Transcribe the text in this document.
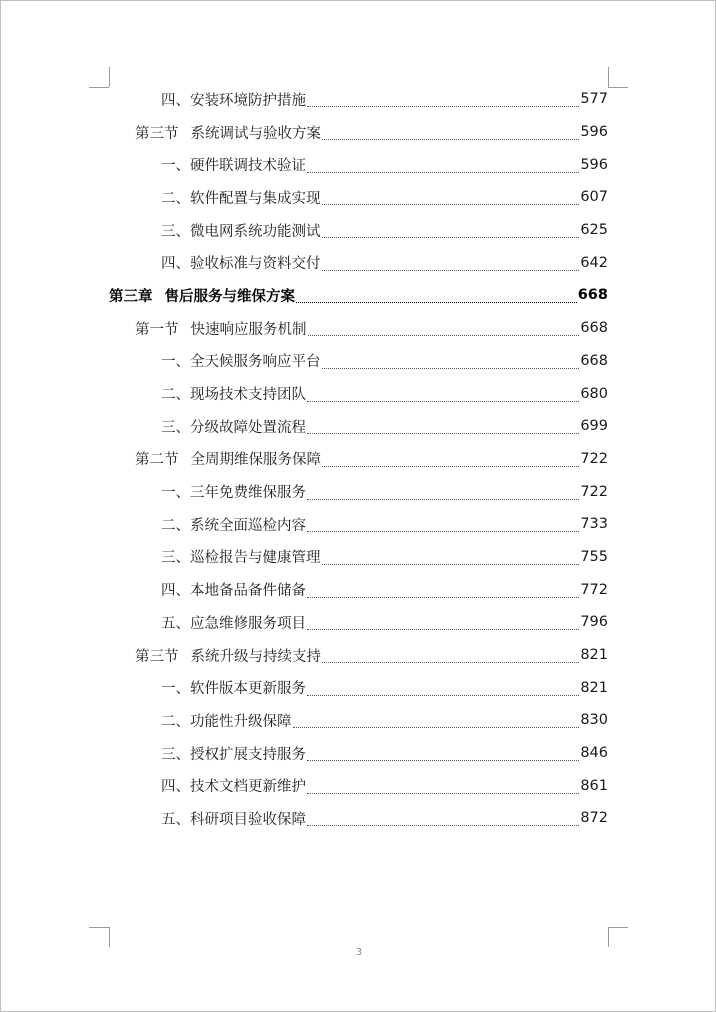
四、安装环境防护措施	577
第三节 系统调试与验收方案	596
一、硬件联调技术验证	596
二、软件配置与集成实现	607
三、微电网系统功能测试	625
四、验收标准与资料交付	642
第三章 售后服务与维保方案	668
第一节 快速响应服务机制	668
一、全天候服务响应平台	668
二、现场技术支持团队	680
三、分级故障处置流程	699
第二节 全周期维保服务保障	722
一、三年免费维保服务	722
二、系统全面巡检内容	733
三、巡检报告与健康管理	755
四、本地备品备件储备	772
五、应急维修服务项目	796
第三节 系统升级与持续支持	821
一、软件版本更新服务	821
二、功能性升级保障	830
三、授权扩展支持服务	846
四、技术文档更新维护	861
五、科研项目验收保障	872
3
